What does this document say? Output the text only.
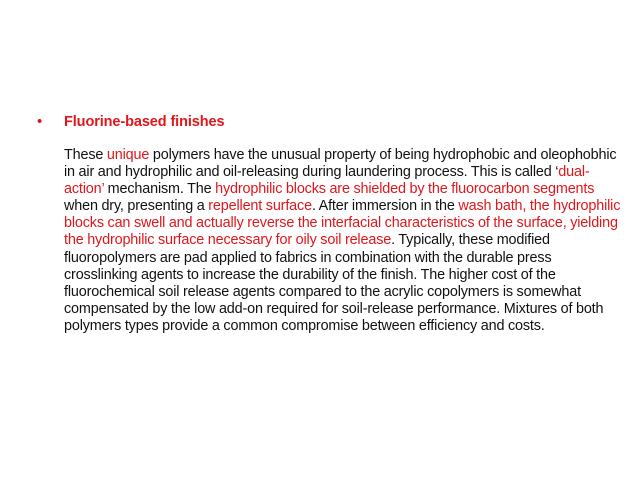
•	Fluorine-based finishes

These unique polymers have the unusual property of being hydrophobic and oleophobhic in air and hydrophilic and oil-releasing during laundering process. This is called ‘dual-action’ mechanism. The hydrophilic blocks are shielded by the fluorocarbon segments when dry, presenting a repellent surface. After immersion in the wash bath, the hydrophilic blocks can swell and actually reverse the interfacial characteristics of the surface, yielding the hydrophilic surface necessary for oily soil release. Typically, these modified fluoropolymers are pad applied to fabrics in combination with the durable press crosslinking agents to increase the durability of the finish. The higher cost of the fluorochemical soil release agents compared to the acrylic copolymers is somewhat compensated by the low add-on required for soil-release performance. Mixtures of both polymers types provide a common compromise between efficiency and costs.
